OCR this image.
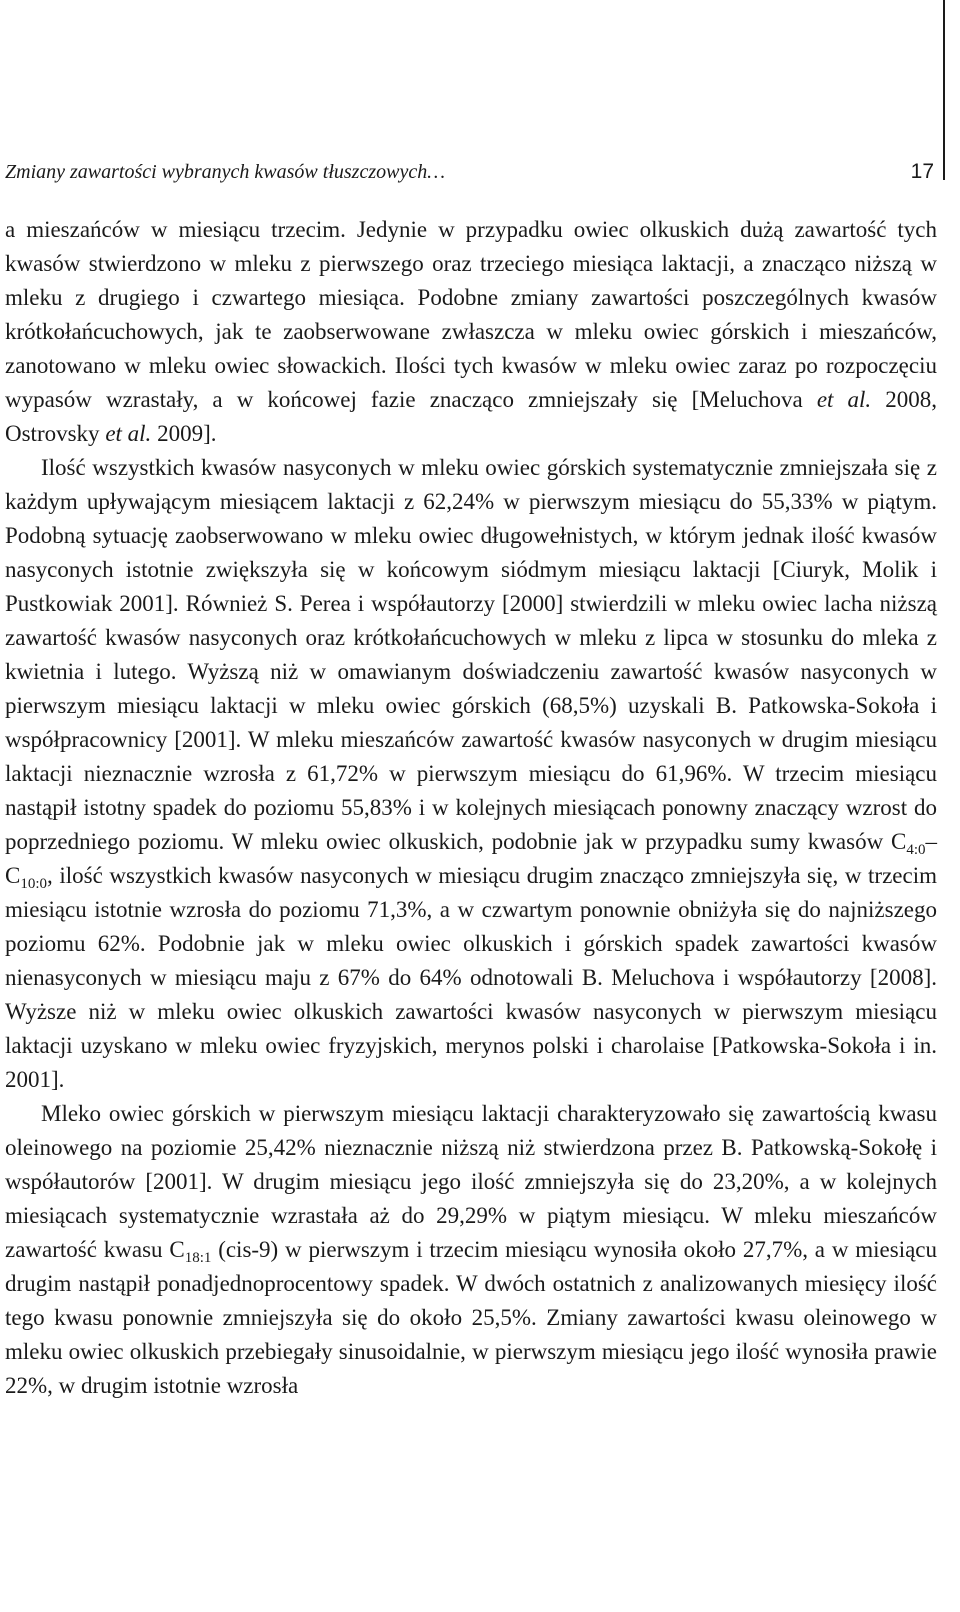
Zmiany zawartości wybranych kwasów tłuszczowych…	17

a mieszańców w miesiącu trzecim. Jedynie w przypadku owiec olkuskich dużą zawartość tych kwasów stwierdzono w mleku z pierwszego oraz trzeciego miesiąca laktacji, a znacząco niższą w mleku z drugiego i czwartego miesiąca. Podobne zmiany zawartości poszczególnych kwasów krótkołańcuchowych, jak te zaobserwowane zwłaszcza w mleku owiec górskich i mieszańców, zanotowano w mleku owiec słowackich. Ilości tych kwasów w mleku owiec zaraz po rozpoczęciu wypasów wzrastały, a w końcowej fazie znacząco zmniejszały się [Meluchova et al. 2008, Ostrovsky et al. 2009].

Ilość wszystkich kwasów nasyconych w mleku owiec górskich systematycznie zmniejszała się z każdym upływającym miesiącem laktacji z 62,24% w pierwszym miesiącu do 55,33% w piątym. Podobną sytuację zaobserwowano w mleku owiec długowełnistych, w którym jednak ilość kwasów nasyconych istotnie zwiększyła się w końcowym siódmym miesiącu laktacji [Ciuryk, Molik i Pustkowiak 2001]. Również S. Perea i współautorzy [2000] stwierdzili w mleku owiec lacha niższą zawartość kwasów nasyconych oraz krótkołańcuchowych w mleku z lipca w stosunku do mleka z kwietnia i lutego. Wyższą niż w omawianym doświadczeniu zawartość kwasów nasyconych w pierwszym miesiącu laktacji w mleku owiec górskich (68,5%) uzyskali B. Patkowska-Sokoła i współpracownicy [2001]. W mleku mieszańców zawartość kwasów nasyconych w drugim miesiącu laktacji nieznacznie wzrosła z 61,72% w pierwszym miesiącu do 61,96%. W trzecim miesiącu nastąpił istotny spadek do poziomu 55,83% i w kolejnych miesiącach ponowny znaczący wzrost do poprzedniego poziomu. W mleku owiec olkuskich, podobnie jak w przypadku sumy kwasów $C_{4:0}-C_{10:0}$, ilość wszystkich kwasów nasyconych w miesiącu drugim znacząco zmniejszyła się, w trzecim miesiącu istotnie wzrosła do poziomu 71,3%, a w czwartym ponownie obniżyła się do najniższego poziomu 62%. Podobnie jak w mleku owiec olkuskich i górskich spadek zawartości kwasów nienasyconych w miesiącu maju z 67% do 64% odnotowali B. Meluchova i współautorzy [2008]. Wyższe niż w mleku owiec olkuskich zawartości kwasów nasyconych w pierwszym miesiącu laktacji uzyskano w mleku owiec fryzyjskich, merynos polski i charolaise [Patkowska-Sokoła i in. 2001].

Mleko owiec górskich w pierwszym miesiącu laktacji charakteryzowało się zawartością kwasu oleinowego na poziomie 25,42% nieznacznie niższą niż stwierdzona przez B. Patkowską-Sokołę i współautorów [2001]. W drugim miesiącu jego ilość zmniejszyła się do 23,20%, a w kolejnych miesiącach systematycznie wzrastała aż do 29,29% w piątym miesiącu. W mleku mieszańców zawartość kwasu $C_{18:1}$ (cis-9) w pierwszym i trzecim miesiącu wynosiła około 27,7%, a w miesiącu drugim nastąpił ponadjednoprocentowy spadek. W dwóch ostatnich z analizowanych miesięcy ilość tego kwasu ponownie zmniejszyła się do około 25,5%. Zmiany zawartości kwasu oleinowego w mleku owiec olkuskich przebiegały sinusoidalnie, w pierwszym miesiącu jego ilość wynosiła prawie 22%, w drugim istotnie wzrosła
